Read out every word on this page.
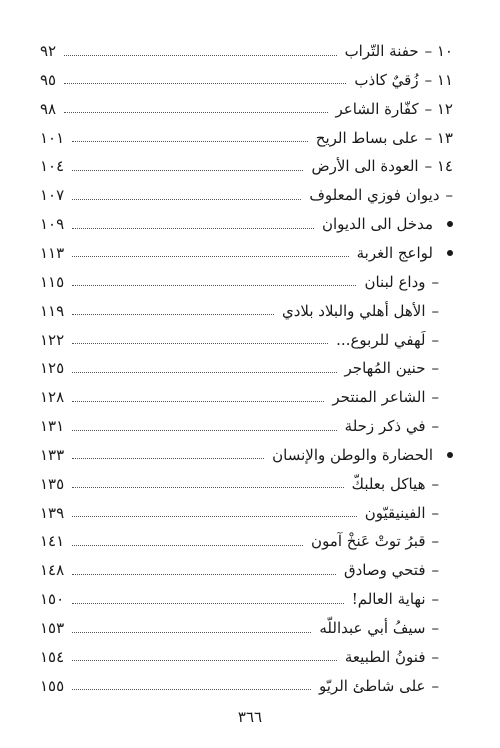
١٠ –حفنة التّراب
٩٢
١١ –زُقيٌ كاذب
٩٥
١٢ –كفّارة الشاعر
٩٨
١٣ –على بساط الريح
١٠١
١٤ –العودة الى الأرض
١٠٤
–ديوان فوزي المعلوف
١٠٧
مدخل الى الديوان
١٠٩
لواعج الغربة
١١٣
–وداع لبنان
١١٥
–الأهل أهلي والبلاد بلادي
١١٩
–لَهفي للربوع...
١٢٢
–حنين المُهاجر
١٢٥
–الشاعر المنتحر
١٢٨
–في ذكر زحلة
١٣١
الحضارة والوطن والإنسان
١٣٣
–هياكل بعلبكّ
١٣٥
–الفينيقيّون
١٣٩
–قبرُ توتْ عَنخْ آمون
١٤١
–فتحي وصادق
١٤٨
–نهاية العالم!
١٥٠
–سيفُ أبي عبداللّه
١٥٣
–فنونُ الطبيعة
١٥٤
–على شاطئ الريّو
١٥٥
٣٦٦
